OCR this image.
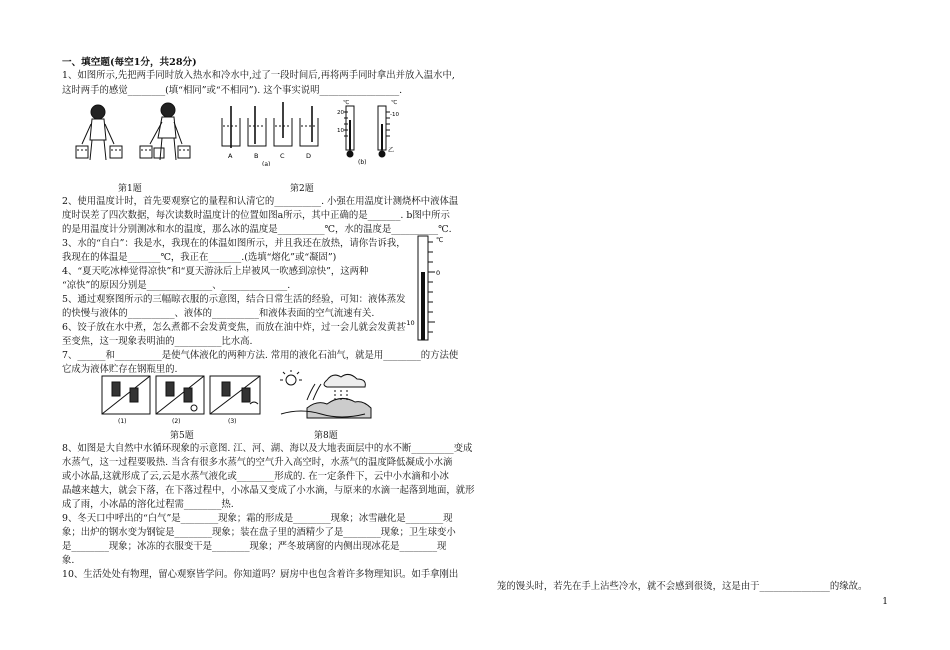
一、填空题(每空1分，共28分)
1、如图所示,先把两手同时放入热水和冷水中,过了一段时间后,再将两手同时拿出并放入温水中,
这时两手的感觉________(填“相同”或“不相同”). 这个事实说明_________________.
A	B	C	D
(a)	(b)
20
10
℃	℃
-10
乙
第1题	第2题
2、使用温度计时，首先要观察它的量程和认清它的__________. 小强在用温度计测烧杯中液体温
度时误差了四次数据，每次读数时温度计的位置如图a所示，其中正确的是_______. b图中所示
的是用温度计分别测冰和水的温度，那么冰的温度是__________℃，水的温度是__________℃.
3、水的“自白”：我是水，我现在的体温如图所示，并且我还在放热，请你告诉我，
我现在的体温是_______℃，我正在_______.(选填“熔化”或“凝固”)
4、“夏天吃冰棒觉得凉快”和“夏天游泳后上岸被风一吹感到凉快”，这两种
“凉快”的原因分别是______________、______________.
5、通过观察图所示的三幅晾衣服的示意图，结合日常生活的经验，可知：液体蒸发
的快慢与液体的__________、液体的__________和液体表面的空气流速有关.
6、饺子放在水中煮，怎么煮都不会发黄变焦，而放在油中炸，过一会儿就会发黄甚
至变焦，这一现象表明油的__________比水高.
7、______和__________是使气体液化的两种方法. 常用的液化石油气，就是用________的方法使
它成为液体贮存在钢瓶里的.
℃
0
-10
(1)	(2)	(3)
第5题	第8题
8、如图是大自然中水循环现象的示意图. 江、河、湖、海以及大地表面层中的水不断_________变成
水蒸气，这一过程要吸热. 当含有很多水蒸气的空气升入高空时，水蒸气的温度降低凝成小水滴
或小冰晶,这就形成了云,云是水蒸气液化或________形成的. 在一定条件下，云中小水滴和小冰
晶越来越大，就会下落，在下落过程中，小冰晶又变成了小水滴，与原来的水滴一起落到地面，就形
成了雨，小冰晶的溶化过程需________热.
9、冬天口中呼出的“白气”是________现象；霜的形成是________现象；冰雪融化是________现
象；出炉的钢水变为钢锭是________现象；装在盘子里的酒精少了是________现象；卫生球变小
是________现象；冰冻的衣服变干是________现象；严冬玻璃窗的内侧出现冰花是________现
象.
10、生活处处有物理，留心观察皆学问。你知道吗？厨房中也包含着许多物理知识。如手拿刚出
笼的馒头时，若先在手上沾些冷水，就不会感到很烫，这是由于_______________的缘故。
1
